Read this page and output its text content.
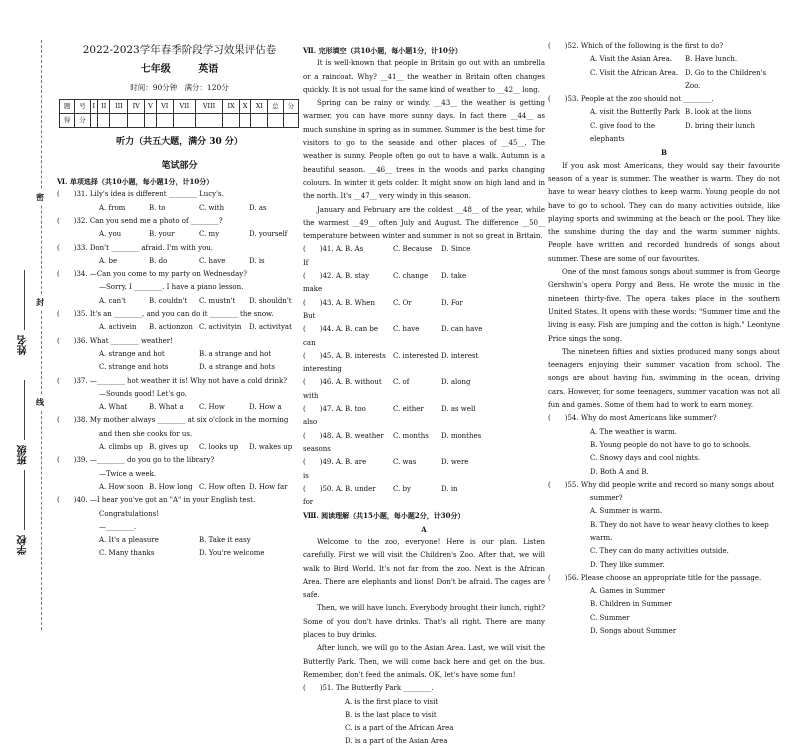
密
封
线
姓名
班级
学校
2022-2023学年春季阶段学习效果评估卷
七年级	英语
时间：90分钟 满分：120分
题	号	I	II	III	IV	V	VI	VII	VIII	IX	X	XI	总	分
得	分													
听力（共五大题，满分 30 分）
笔试部分
Ⅵ. 单项选择（共10小题，每小题1分，计10分）
(　　)31. Lily's idea is different ________ Lucy's.
A. from	B. to	C. with	D. as
(　　)32. Can you send me a photo of ________?
A. you	B. your	C. my	D. yourself
(　　)33. Don't ________ afraid. I'm with you.
A. be	B. do	C. have	D. is
(　　)34. —Can you come to my party on Wednesday?
—Sorry, I ________. I have a piano lesson.
A. can't	B. couldn't	C. mustn't	D. shouldn't
(　　)35. It's an ________, and you can do it ________ the snow.
A. activein	B. actionzon C. activityin	D. activityat
(　　)36. What ________ weather!
A. strange and hot	B. a strange and hot
C. strange and hots	D. a strange and hots
(　　)37. —________ hot weather it is! Why not have a cold drink?
—Sounds good! Let's go.
A. What	B. What a	C. How	D. How a
(　　)38. My mother always ________ at six o'clock in the morning
and then she cooks for us.
A. climbs up B. gives up	C. looks up	D. wakes up
(　　)39. —________ do you go to the library?
—Twice a week.
A. How soon B. How long C. How often D. How far
(　　)40. —I hear you've got an "A" in your English test.
Congratulations!
—________.
A. It's a pleasure	B. Take it easy
C. Many thanks	D. You're welcome
Ⅶ. 完形填空（共10小题，每小题1分，计10分）
It is well-known that people in Britain go out with an umbrella or a raincoat. Why? __41__ the weather in Britain often changes quickly. It is not usual for the same kind of weather to __42__ long.
Spring can be rainy or windy. __43__ the weather is getting warmer, you can have more sunny days. In fact there __44__ as much sunshine in spring as in summer. Summer is the best time for visitors to go to the seaside and other places of __45__. The weather is sunny. People often go out to have a walk. Autumn is a beautiful season. __46__ trees in the woods and parks changing colours. In winter it gets colder. It might snow on high land and in the north. It's __47__ very windy in this season.
January and February are the coldest __48__ of the year, while the warmest __49__ often July and August. The difference __50__ temperature between winter and summer is not so great in Britain.
(　　)41. A. If
B. As	C. Because	D. Since
(　　)42. A. make
B. stay	C. change	D. take
(　　)43. A. But
B. When	C. Or	D. For
(　　)44. A. can
B. can be	C. have	D. can have
(　　)45. A. interesting
B. interests	C. interested D. interest
(　　)46. A. with
B. without	C. of	D. along
(　　)47. A. also
B. too	C. either	D. as well
(　　)48. A. seasons
B. weather	C. months	D. monthes
(　　)49. A. is
B. are	C. was	D. were
(　　)50. A. for
B. under	C. by	D. in
Ⅷ. 阅读理解（共15小题，每小题2分，计30分）
A
Welcome to the zoo, everyone! Here is our plan. Listen carefully. First we will visit the Children's Zoo. After that, we will walk to Bird World. It's not far from the zoo. Next is the African Area. There are elephants and lions! Don't be afraid. The cages are safe.
Then, we will have lunch. Everybody brought their lunch, right? Some of you don't have drinks. That's all right. There are many places to buy drinks.
After lunch, we will go to the Asian Area. Last, we will visit the Butterfly Park. Then, we will come back here and get on the bus. Remember, don't feed the animals. OK, let's have some fun!
(　　)51. The Butterfly Park ________.
A. is the first place to visit
B. is the last place to visit
C. is a part of the African Area
D. is a part of the Asian Area
(　　)52. Which of the following is the first to do?
A. Visit the Asian Area.	B. Have lunch.
C. Visit the African Area. D. Go to the Children's Zoo.
(　　)53. People at the zoo should not ________.
A. visit the Butterfly Park B. look at the lions
C. give food to the elephants
D. bring their lunch
B
If you ask most Americans, they would say their favourite season of a year is summer. The weather is warm. They do not have to wear heavy clothes to keep warm. Young people do not have to go to school. They can do many activities outside, like playing sports and swimming at the beach or the pool. They like the sunshine during the day and the warm summer nights. People have written and recorded hundreds of songs about summer. These are some of our favourites.
One of the most famous songs about summer is from George Gershwin's opera Porgy and Bess. He wrote the music in the nineteen thirty-five. The opera takes place in the southern United States. It opens with these words: "Summer time and the living is easy. Fish are jumping and the cotton is high." Leontyne Price sings the song.
The nineteen fifties and sixties produced many songs about teenagers enjoying their summer vacation from school. The songs are about having fun, swimming in the ocean, driving cars. However, for some teenagers, summer vacation was not all fun and games. Some of them had to work to earn money.
(　　)54. Why do most Americans like summer?
A. The weather is warm.
B. Young people do not have to go to schools.
C. Snowy days and cool nights.
D. Both A and B.
(　　)55. Why did people write and record so many songs about
summer?
A. Summer is warm.
B. They do not have to wear heavy clothes to keep warm.
C. They can do many activities outside.
D. They like summer.
(　　)56. Please choose an appropriate title for the passage.
A. Games in Summer
B. Children in Summer
C. Summer
D. Songs about Summer
